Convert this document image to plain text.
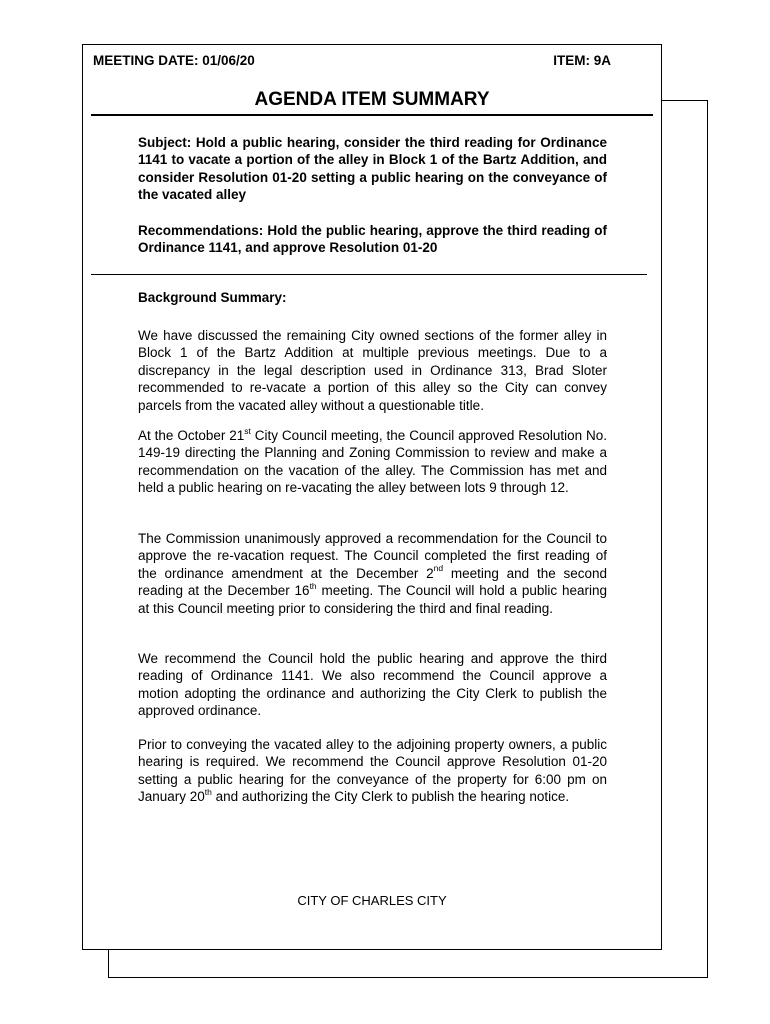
MEETING DATE: 01/06/20	ITEM: 9A
AGENDA ITEM SUMMARY
Subject: Hold a public hearing, consider the third reading for Ordinance 1141 to vacate a portion of the alley in Block 1 of the Bartz Addition, and consider Resolution 01-20 setting a public hearing on the conveyance of the vacated alley
Recommendations: Hold the public hearing, approve the third reading of Ordinance 1141, and approve Resolution 01-20
Background Summary:
We have discussed the remaining City owned sections of the former alley in Block 1 of the Bartz Addition at multiple previous meetings. Due to a discrepancy in the legal description used in Ordinance 313, Brad Sloter recommended to re-vacate a portion of this alley so the City can convey parcels from the vacated alley without a questionable title.
At the October 21st City Council meeting, the Council approved Resolution No. 149-19 directing the Planning and Zoning Commission to review and make a recommendation on the vacation of the alley. The Commission has met and held a public hearing on re-vacating the alley between lots 9 through 12.
The Commission unanimously approved a recommendation for the Council to approve the re-vacation request. The Council completed the first reading of the ordinance amendment at the December 2nd meeting and the second reading at the December 16th meeting. The Council will hold a public hearing at this Council meeting prior to considering the third and final reading.
We recommend the Council hold the public hearing and approve the third reading of Ordinance 1141. We also recommend the Council approve a motion adopting the ordinance and authorizing the City Clerk to publish the approved ordinance.
Prior to conveying the vacated alley to the adjoining property owners, a public hearing is required. We recommend the Council approve Resolution 01-20 setting a public hearing for the conveyance of the property for 6:00 pm on January 20th and authorizing the City Clerk to publish the hearing notice.
CITY OF CHARLES CITY
